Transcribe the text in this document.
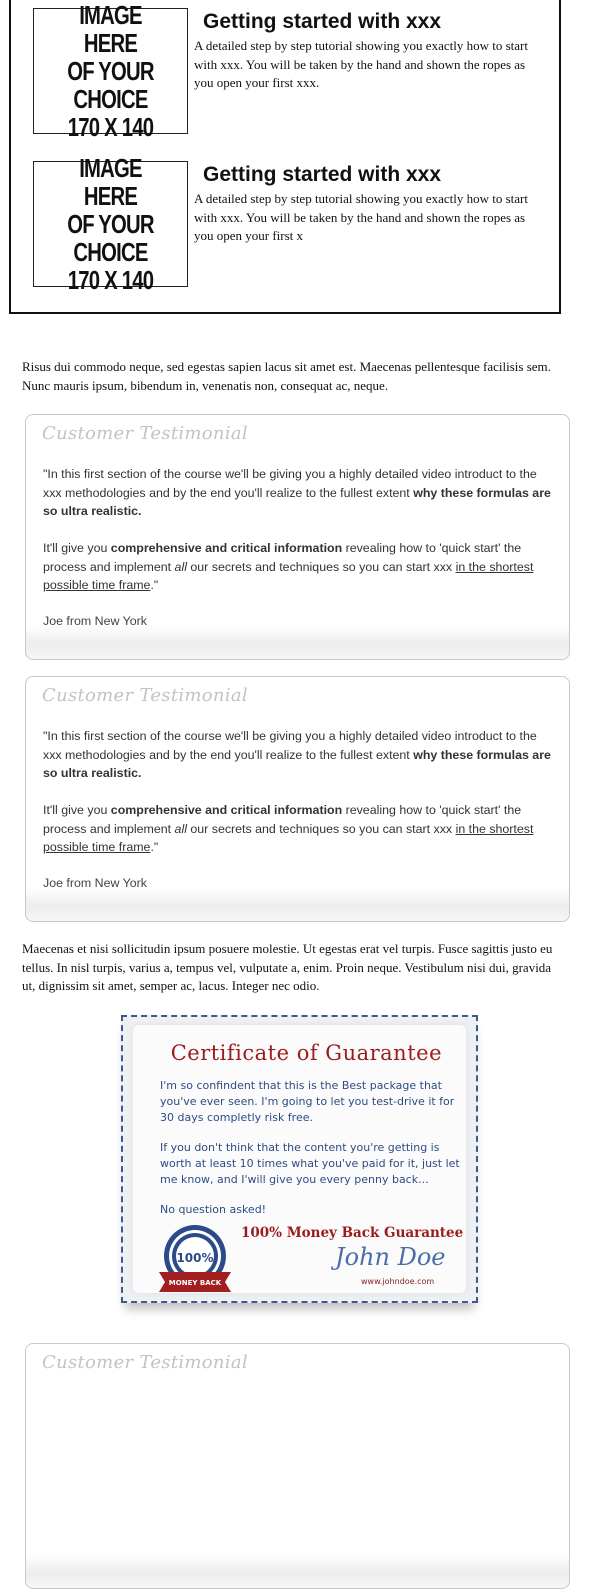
IMAGE HERE
OF YOUR
CHOICE
170 X 140
Getting started with xxx
A detailed step by step tutorial showing you exactly how to start with xxx. You will be taken by the hand and shown the ropes as you open your first xxx.
IMAGE HERE
OF YOUR
CHOICE
170 X 140
Getting started with xxx
A detailed step by step tutorial showing you exactly how to start with xxx. You will be taken by the hand and shown the ropes as you open your first x
Risus dui commodo neque, sed egestas sapien lacus sit amet est. Maecenas pellentesque facilisis sem. Nunc mauris ipsum, bibendum in, venenatis non, consequat ac, neque.
Customer Testimonial
"In this first section of the course we'll be giving you a highly detailed video introduct to the xxx methodologies and by the end you'll realize to the fullest extent why these formulas are so ultra realistic.
It'll give you comprehensive and critical information revealing how to 'quick start' the process and implement all our secrets and techniques so you can start xxx in the shortest possible time frame."
Joe from New York
Customer Testimonial
"In this first section of the course we'll be giving you a highly detailed video introduct to the xxx methodologies and by the end you'll realize to the fullest extent why these formulas are so ultra realistic.
It'll give you comprehensive and critical information revealing how to 'quick start' the process and implement all our secrets and techniques so you can start xxx in the shortest possible time frame."
Joe from New York
Maecenas et nisi sollicitudin ipsum posuere molestie. Ut egestas erat vel turpis. Fusce sagittis justo eu tellus. In nisl turpis, varius a, tempus vel, vulputate a, enim. Proin neque. Vestibulum nisi dui, gravida ut, dignissim sit amet, semper ac, lacus. Integer nec odio.
Certificate of Guarantee
I'm so confindent that this is the Best package that you've ever seen. I'm going to let you test-drive it for 30 days completly risk free.
If you don't think that the content you're getting is worth at least 10 times what you've paid for it, just let me know, and I'will give you every penny back...
No question asked!
100%
MONEY BACK
100% Money Back Guarantee
John Doe
www.johndoe.com
Customer Testimonial
